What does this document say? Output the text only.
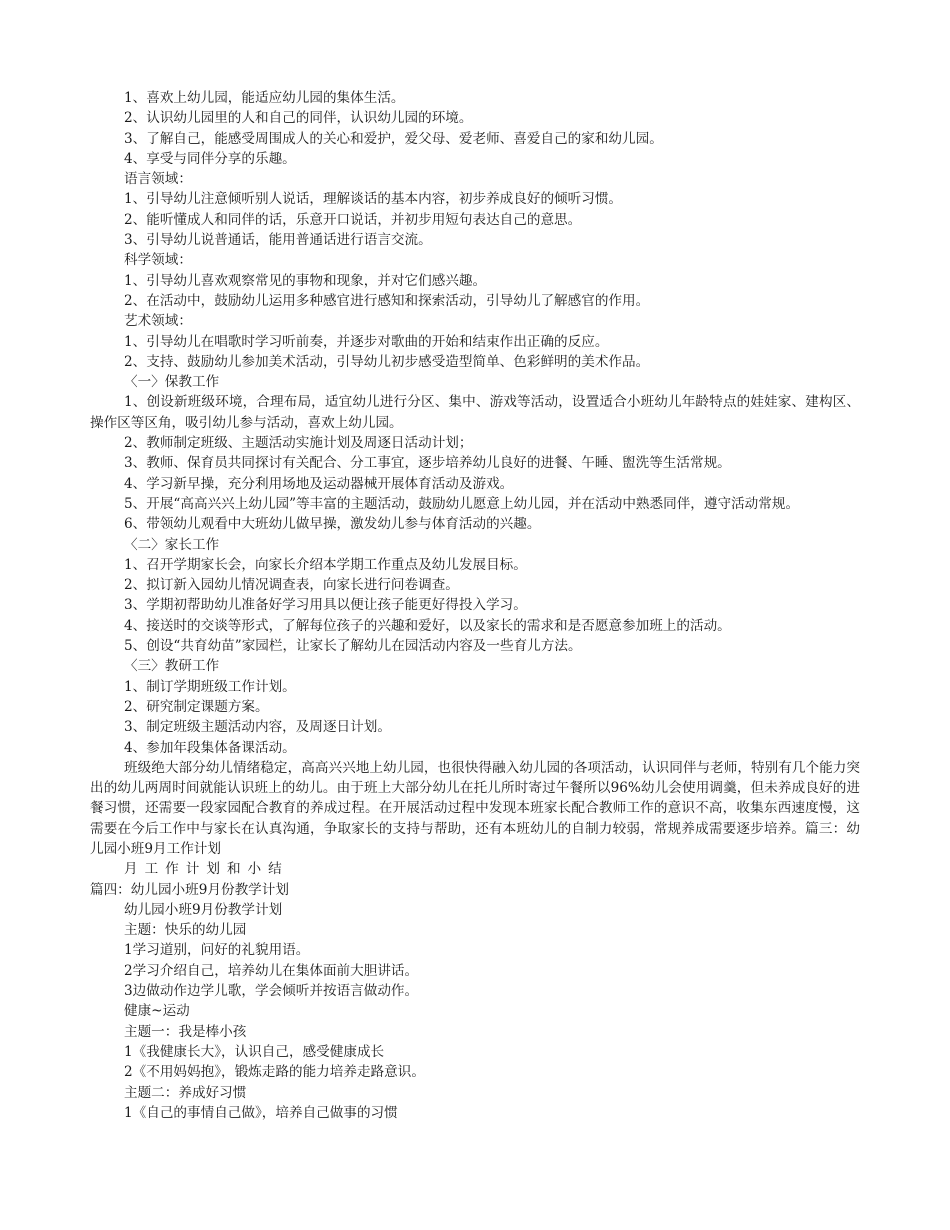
1、喜欢上幼儿园，能适应幼儿园的集体生活。
2、认识幼儿园里的人和自己的同伴，认识幼儿园的环境。
3、了解自己，能感受周围成人的关心和爱护，爱父母、爱老师、喜爱自己的家和幼儿园。
4、享受与同伴分享的乐趣。
语言领域：
1、引导幼儿注意倾听别人说话，理解谈话的基本内容，初步养成良好的倾听习惯。
2、能听懂成人和同伴的话，乐意开口说话，并初步用短句表达自己的意思。
3、引导幼儿说普通话，能用普通话进行语言交流。
科学领域：
1、引导幼儿喜欢观察常见的事物和现象，并对它们感兴趣。
2、在活动中，鼓励幼儿运用多种感官进行感知和探索活动，引导幼儿了解感官的作用。
艺术领域：
1、引导幼儿在唱歌时学习听前奏，并逐步对歌曲的开始和结束作出正确的反应。
2、支持、鼓励幼儿参加美术活动，引导幼儿初步感受造型简单、色彩鲜明的美术作品。
〈一〉保教工作
1、创设新班级环境，合理布局，适宜幼儿进行分区、集中、游戏等活动，设置适合小班幼儿年龄特点的娃娃家、建构区、操作区等区角，吸引幼儿参与活动，喜欢上幼儿园。
2、教师制定班级、主题活动实施计划及周逐日活动计划；
3、教师、保育员共同探讨有关配合、分工事宜，逐步培养幼儿良好的进餐、午睡、盥洗等生活常规。
4、学习新早操，充分利用场地及运动器械开展体育活动及游戏。
5、开展“高高兴兴上幼儿园”等丰富的主题活动，鼓励幼儿愿意上幼儿园，并在活动中熟悉同伴，遵守活动常规。
6、带领幼儿观看中大班幼儿做早操，激发幼儿参与体育活动的兴趣。
〈二〉家长工作
1、召开学期家长会，向家长介绍本学期工作重点及幼儿发展目标。
2、拟订新入园幼儿情况调查表，向家长进行问卷调查。
3、学期初帮助幼儿准备好学习用具以便让孩子能更好得投入学习。
4、接送时的交谈等形式，了解每位孩子的兴趣和爱好，以及家长的需求和是否愿意参加班上的活动。
5、创设“共育幼苗”家园栏，让家长了解幼儿在园活动内容及一些育儿方法。
〈三〉教研工作
1、制订学期班级工作计划。
2、研究制定课题方案。
3、制定班级主题活动内容，及周逐日计划。
4、参加年段集体备课活动。
班级绝大部分幼儿情绪稳定，高高兴兴地上幼儿园，也很快得融入幼儿园的各项活动，认识同伴与老师，特别有几个能力突出的幼儿两周时间就能认识班上的幼儿。由于班上大部分幼儿在托儿所时寄过午餐所以96%幼儿会使用调羹，但未养成良好的进餐习惯，还需要一段家园配合教育的养成过程。在开展活动过程中发现本班家长配合教师工作的意识不高，收集东西速度慢，这需要在今后工作中与家长在认真沟通，争取家长的支持与帮助，还有本班幼儿的自制力较弱，常规养成需要逐步培养。篇三：幼儿园小班9月工作计划
月工作计划和小结
篇四：幼儿园小班9月份教学计划
幼儿园小班9月份教学计划
主题：快乐的幼儿园
1学习道别，问好的礼貌用语。
2学习介绍自己，培养幼儿在集体面前大胆讲话。
3边做动作边学儿歌，学会倾听并按语言做动作。
健康~运动
主题一：我是棒小孩
1《我健康长大》，认识自己，感受健康成长
2《不用妈妈抱》，锻炼走路的能力培养走路意识。
主题二：养成好习惯
1《自己的事情自己做》，培养自己做事的习惯
